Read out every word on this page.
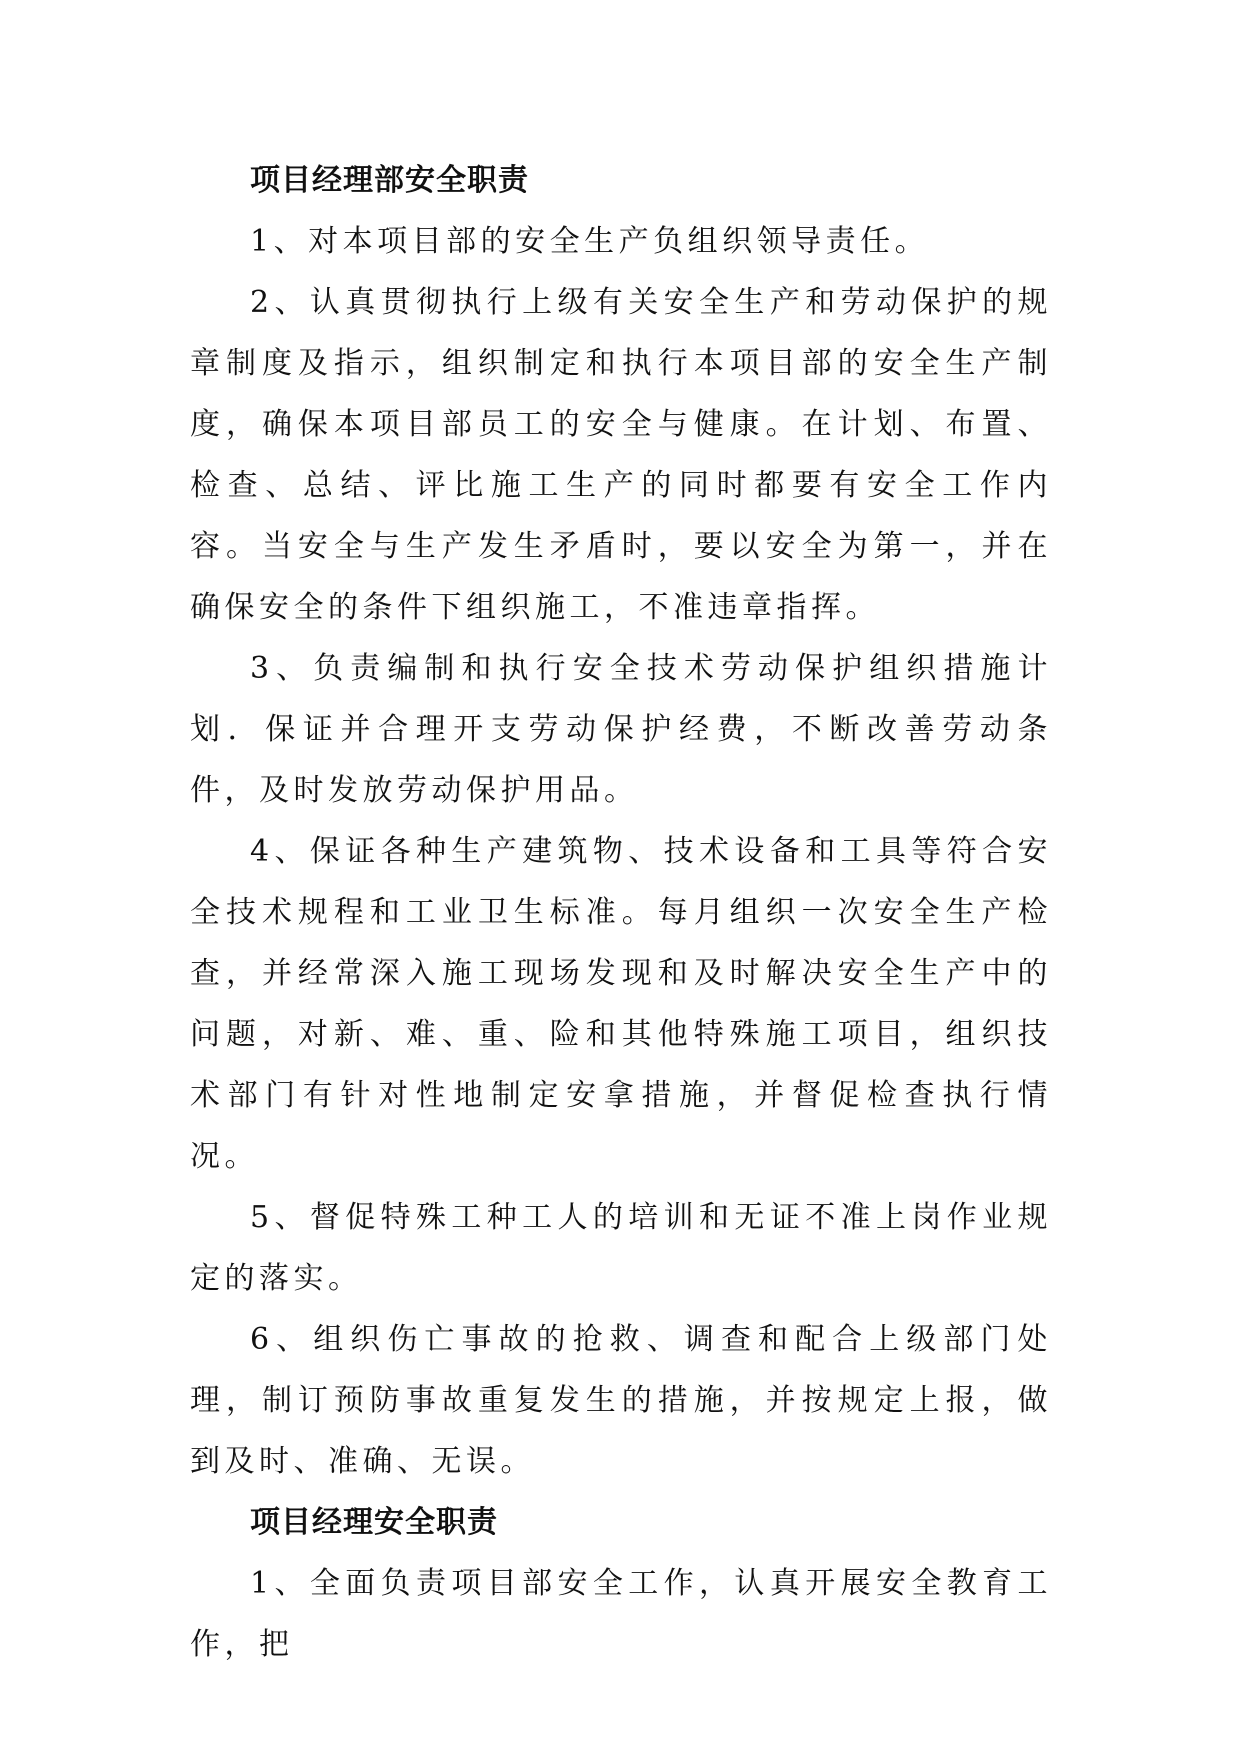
项目经理部安全职责

1、对本项目部的安全生产负组织领导责任。

2、认真贯彻执行上级有关安全生产和劳动保护的规章制度及指示，组织制定和执行本项目部的安全生产制度，确保本项目部员工的安全与健康。在计划、布置、检查、总结、评比施工生产的同时都要有安全工作内容。当安全与生产发生矛盾时，要以安全为第一，并在确保安全的条件下组织施工，不准违章指挥。

3、负责编制和执行安全技术劳动保护组织措施计划．保证并合理开支劳动保护经费，不断改善劳动条件，及时发放劳动保护用品。

4、保证各种生产建筑物、技术设备和工具等符合安全技术规程和工业卫生标准。每月组织一次安全生产检查，并经常深入施工现场发现和及时解决安全生产中的问题，对新、难、重、险和其他特殊施工项目，组织技术部门有针对性地制定安拿措施，并督促检查执行情况。

5、督促特殊工种工人的培训和无证不准上岗作业规定的落实。

6、组织伤亡事故的抢救、调查和配合上级部门处理，制订预防事故重复发生的措施，并按规定上报，做到及时、准确、无误。

项目经理安全职责

1、全面负责项目部安全工作，认真开展安全教育工作，把
